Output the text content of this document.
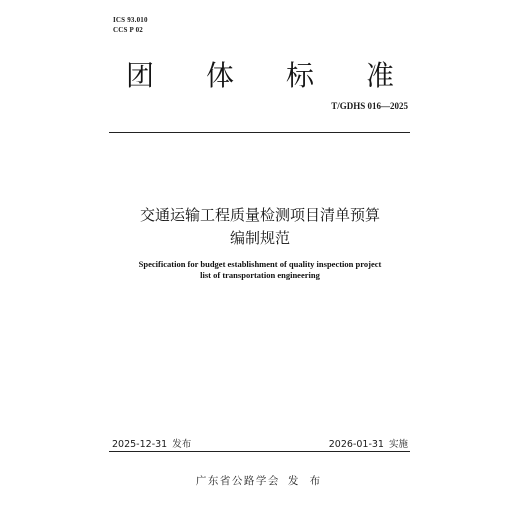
ICS 93.010
CCS P 02
团 体 标 准
T/GDHS 016—2025
交通运输工程质量检测项目清单预算
编制规范
Specification for budget establishment of quality inspection project
list of transportation engineering
2025-12-31 发布	2026-01-31 实施
广东省公路学会 发 布
